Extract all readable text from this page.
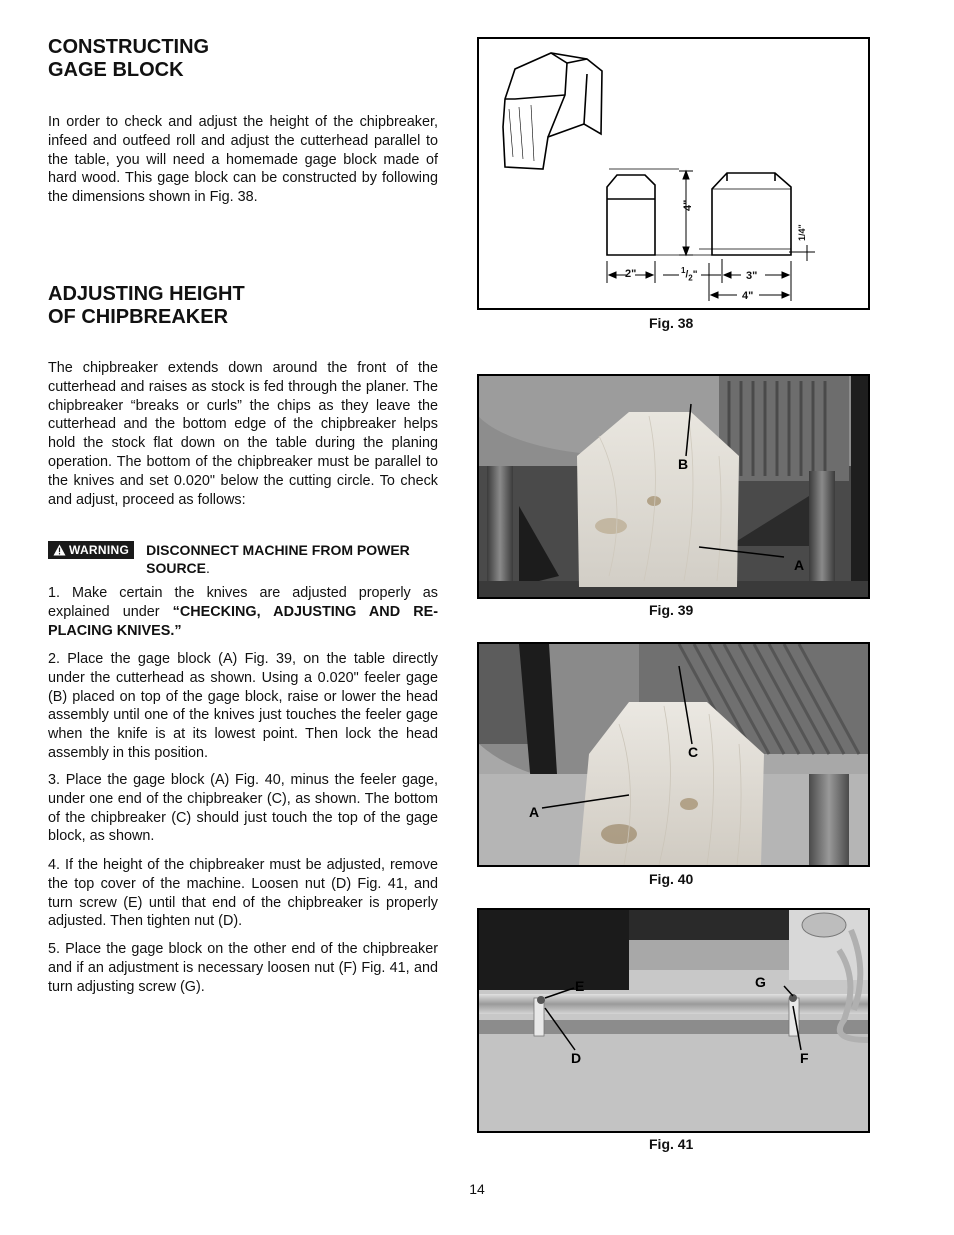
CONSTRUCTING
GAGE BLOCK

In order to check and adjust the height of the chipbreaker, infeed and outfeed roll and adjust the cutterhead parallel to the table, you will need a homemade gage block made of hard wood. This gage block can be constructed by following the dimensions shown in Fig. 38.

ADJUSTING HEIGHT
OF CHIPBREAKER

The chipbreaker extends down around the front of the cutterhead and raises as stock is fed through the planer. The chipbreaker “breaks or curls” the chips as they leave the cutterhead and the bottom edge of the chipbreaker helps hold the stock flat down on the table during the planing operation. The bottom of the chipbreaker must be parallel to the knives and set 0.020" below the cutting circle. To check and adjust, proceed as follows:

WARNING DISCONNECT MACHINE FROM POWER SOURCE.

1. Make certain the knives are adjusted properly as explained under “CHECKING, ADJUSTING AND RE-PLACING KNIVES.”

2. Place the gage block (A) Fig. 39, on the table directly under the cutterhead as shown. Using a 0.020" feeler gage (B) placed on top of the gage block, raise or lower the head assembly until one of the knives just touches the feeler gage when the knife is at its lowest point. Then lock the head assembly in this position.

3. Place the gage block (A) Fig. 40, minus the feeler gage, under one end of the chipbreaker (C), as shown. The bottom of the chipbreaker (C) should just touch the top of the gage block, as shown.

4. If the height of the chipbreaker must be adjusted, remove the top cover of the machine. Loosen nut (D) Fig. 41, and turn screw (E) until that end of the chipbreaker is properly adjusted. Then tighten nut (D).

5. Place the gage block on the other end of the chipbreaker and if an adjustment is necessary loosen nut (F) Fig. 41, and turn adjusting screw (G).

2"	$^1/_2$"	3"
4"
4"
1/4"
Fig. 38
B
A
Fig. 39
C
A
Fig. 40
E	G
D	F
Fig. 41
14
